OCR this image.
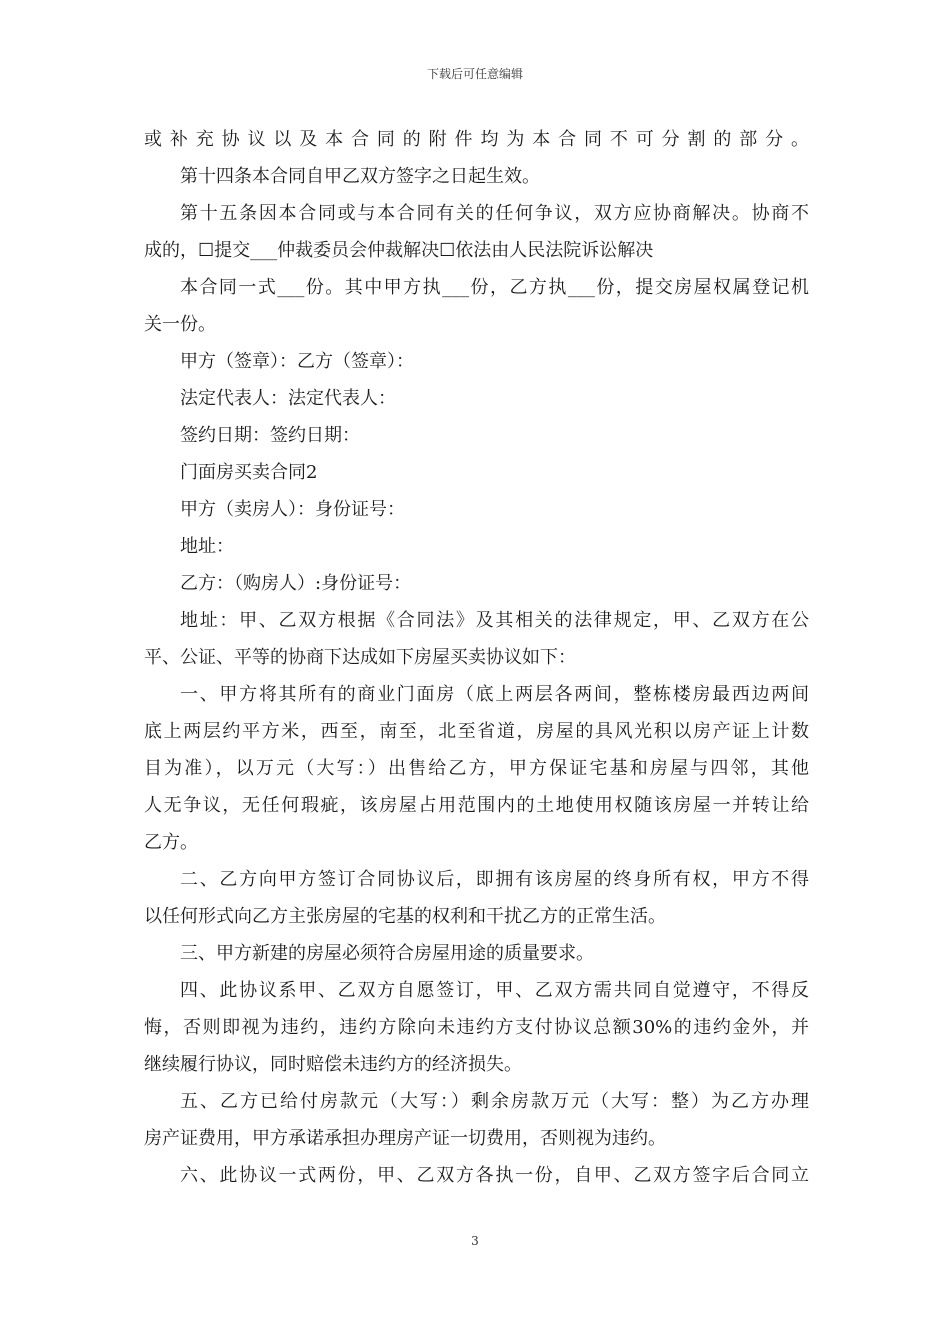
下载后可任意编辑
或补充协议以及本合同的附件均为本合同不可分割的部分。
第十四条本合同自甲乙双方签字之日起生效。
第十五条因本合同或与本合同有关的任何争议，双方应协商解决。协商不
成的，☐提交___仲裁委员会仲裁解决☐依法由人民法院诉讼解决
本合同一式___份。其中甲方执___份，乙方执___份，提交房屋权属登记机
关一份。
甲方（签章）：乙方（签章）：
法定代表人：法定代表人：
签约日期：签约日期：
门面房买卖合同2
甲方（卖房人）：身份证号：
地址：
乙方：（购房人）:身份证号：
地址：甲、乙双方根据《合同法》及其相关的法律规定，甲、乙双方在公
平、公证、平等的协商下达成如下房屋买卖协议如下：
一、甲方将其所有的商业门面房（底上两层各两间，整栋楼房最西边两间
底上两层约平方米，西至，南至，北至省道，房屋的具风光积以房产证上计数
目为准），以万元（大写：）出售给乙方，甲方保证宅基和房屋与四邻，其他
人无争议，无任何瑕疵，该房屋占用范围内的土地使用权随该房屋一并转让给
乙方。
二、乙方向甲方签订合同协议后，即拥有该房屋的终身所有权，甲方不得
以任何形式向乙方主张房屋的宅基的权利和干扰乙方的正常生活。
三、甲方新建的房屋必须符合房屋用途的质量要求。
四、此协议系甲、乙双方自愿签订，甲、乙双方需共同自觉遵守，不得反
悔，否则即视为违约，违约方除向未违约方支付协议总额30%的违约金外，并
继续履行协议，同时赔偿未违约方的经济损失。
五、乙方已给付房款元（大写：）剩余房款万元（大写：整）为乙方办理
房产证费用，甲方承诺承担办理房产证一切费用，否则视为违约。
六、此协议一式两份，甲、乙双方各执一份，自甲、乙双方签字后合同立
3
